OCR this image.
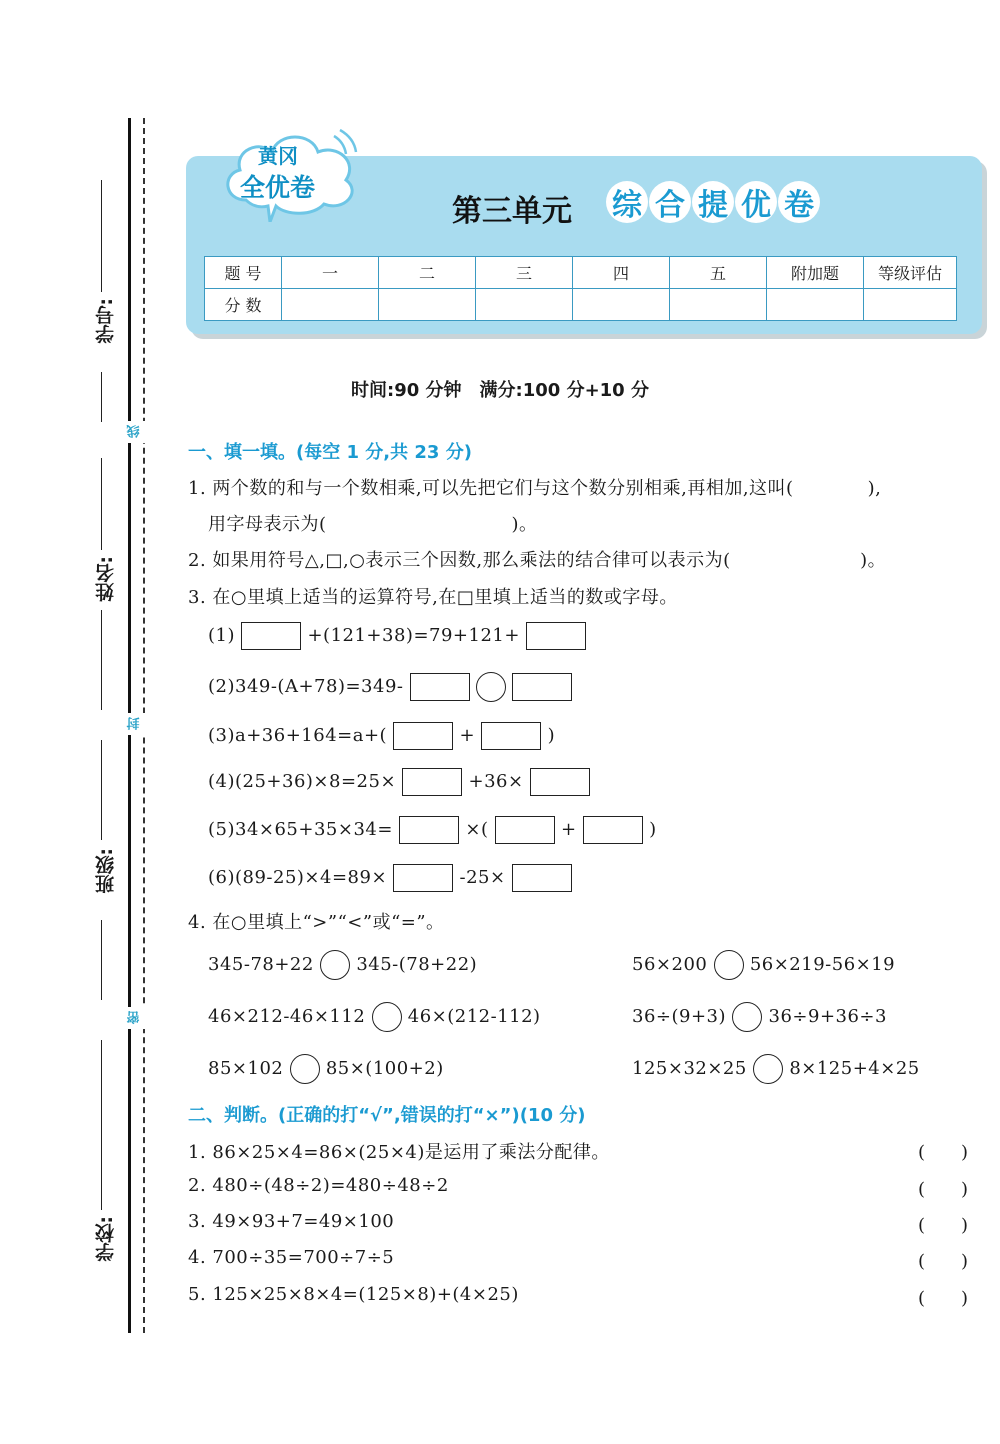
学号:
姓名:
班级:
学校:
线
封
密
黄冈
全优卷
第三单元 综 合 提 优 卷
题 号	一	二	三	四	五	附加题	等级评估
分 数							
时间:90 分钟　满分:100 分+10 分
一、填一填。(每空 1 分,共 23 分)
1. 两个数的和与一个数相乘,可以先把它们与这个数分别相乘,再相加,这叫(　　　　),
用字母表示为(　　　　　　　　　　)。
2. 如果用符号△,□,○表示三个因数,那么乘法的结合律可以表示为(　　　　　　　)。
3. 在○里填上适当的运算符号,在□里填上适当的数或字母。
(1)	+(121+38)=79+121+
(2)349-(A+78)=349-
(3)a+36+164=a+(	+	)
(4)(25+36)×8=25×	+36×
(5)34×65+35×34=	×(	+	)
(6)(89-25)×4=89×	-25×
4. 在○里填上“>”“<”或“=”。
345-78+22 345-(78+22)	56×200 56×219-56×19
46×212-46×112 46×(212-112)	36÷(9+3) 36÷9+36÷3
85×102 85×(100+2)	125×32×25 8×125+4×25
二、判断。(正确的打“√”,错误的打“×”)(10 分)
1. 86×25×4=86×(25×4)是运用了乘法分配律。	(　　)
2. 480÷(48÷2)=480÷48÷2	(　　)
3. 49×93+7=49×100	(　　)
4. 700÷35=700÷7÷5	(　　)
5. 125×25×8×4=(125×8)+(4×25)	(　　)
